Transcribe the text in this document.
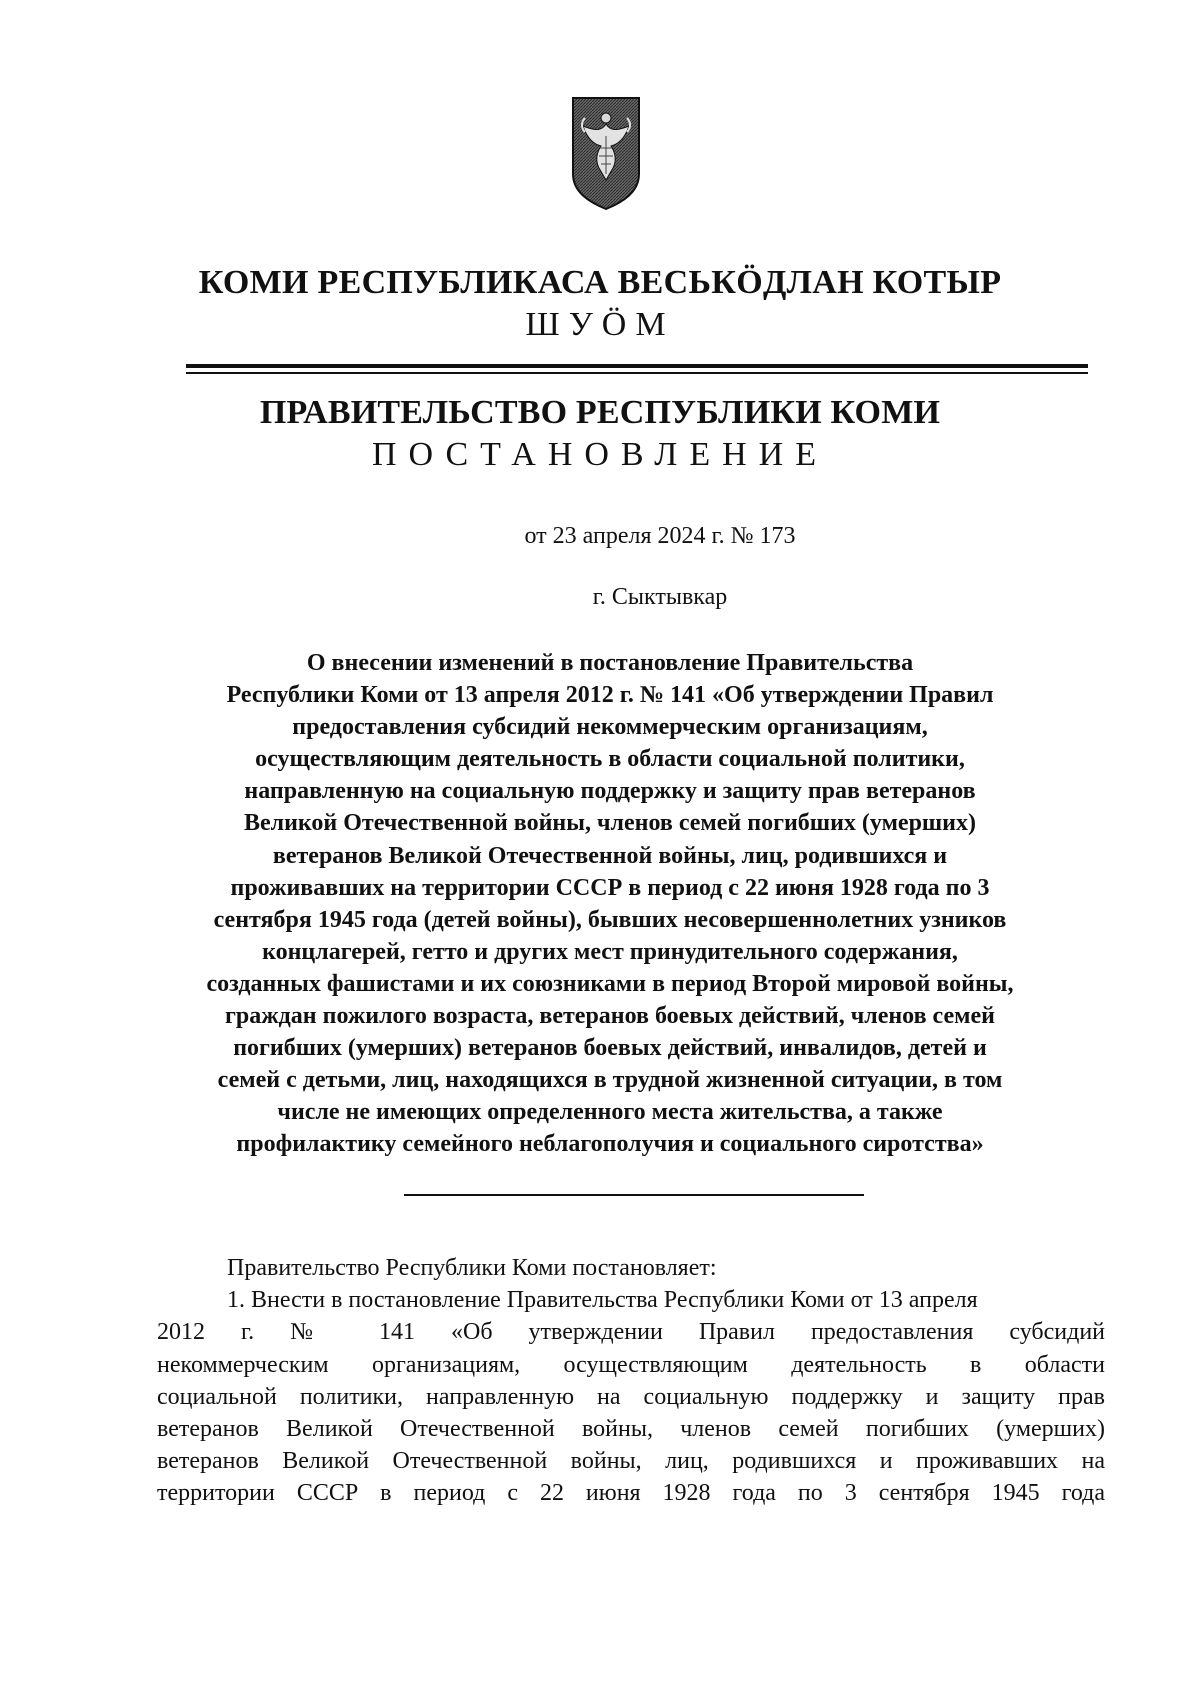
КОМИ РЕСПУБЛИКАСА ВЕСЬКӦДЛАН КОТЫР
ШУӦМ
ПРАВИТЕЛЬСТВО РЕСПУБЛИКИ КОМИ
ПОСТАНОВЛЕНИЕ
от 23 апреля 2024 г. № 173
г. Сыктывкар
О внесении изменений в постановление Правительства
Республики Коми от 13 апреля 2012 г. № 141 «Об утверждении Правил
предоставления субсидий некоммерческим организациям,
осуществляющим деятельность в области социальной политики,
направленную на социальную поддержку и защиту прав ветеранов
Великой Отечественной войны, членов семей погибших (умерших)
ветеранов Великой Отечественной войны, лиц, родившихся и
проживавших на территории СССР в период с 22 июня 1928 года по 3
сентября 1945 года (детей войны), бывших несовершеннолетних узников
концлагерей, гетто и других мест принудительного содержания,
созданных фашистами и их союзниками в период Второй мировой войны,
граждан пожилого возраста, ветеранов боевых действий, членов семей
погибших (умерших) ветеранов боевых действий, инвалидов, детей и
семей с детьми, лиц, находящихся в трудной жизненной ситуации, в том
числе не имеющих определенного места жительства, а также
профилактику семейного неблагополучия и социального сиротства»
Правительство Республики Коми постановляет:
1. Внести в постановление Правительства Республики Коми от 13 апреля
2012 г. № 141 «Об утверждении Правил предоставления субсидий
некоммерческим организациям, осуществляющим деятельность в области
социальной политики, направленную на социальную поддержку и защиту прав
ветеранов Великой Отечественной войны, членов семей погибших (умерших)
ветеранов Великой Отечественной войны, лиц, родившихся и проживавших на
территории СССР в период с 22 июня 1928 года по 3 сентября 1945 года
